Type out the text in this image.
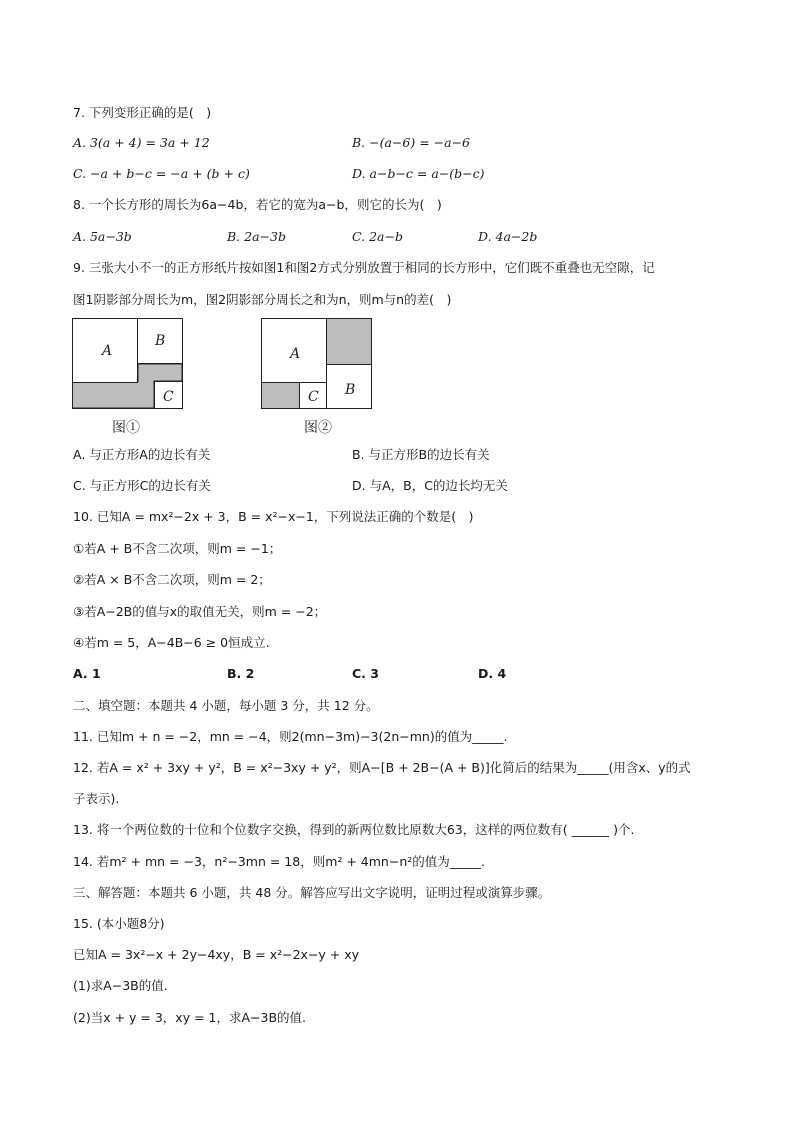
7. 下列变形正确的是(　)
A. 3(a + 4) = 3a + 12	B. −(a−6) = −a−6
C. −a + b−c = −a + (b + c)	D. a−b−c = a−(b−c)
8. 一个长方形的周长为6a−4b，若它的宽为a−b，则它的长为(　)
A. 5a−3b	B. 2a−3b	C. 2a−b	D. 4a−2b
9. 三张大小不一的正方形纸片按如图1和图2方式分别放置于相同的长方形中，它们既不重叠也无空隙，记
图1阴影部分周长为m，图2阴影部分周长之和为n，则m与n的差(　)
A
B
C
图①
A
C B
图②
A. 与正方形A的边长有关	B. 与正方形B的边长有关
C. 与正方形C的边长有关	D. 与A，B，C的边长均无关
10. 已知A = mx²−2x + 3，B = x²−x−1，下列说法正确的个数是(　)
①若A + B不含二次项，则m = −1；
②若A × B不含二次项，则m = 2；
③若A−2B的值与x的取值无关，则m = −2；
④若m = 5，A−4B−6 ≥ 0恒成立.
A. 1	B. 2	C. 3	D. 4
二、填空题：本题共 4 小题，每小题 3 分，共 12 分。
11. 已知m + n = −2，mn = −4，则2(mn−3m)−3(2n−mn)的值为_____.
12. 若A = x² + 3xy + y²，B = x²−3xy + y²，则A−[B + 2B−(A + B)]化简后的结果为_____(用含x、y的式
子表示).
13. 将一个两位数的十位和个位数字交换，得到的新两位数比原数大63，这样的两位数有( ______ )个.
14. 若m² + mn = −3，n²−3mn = 18，则m² + 4mn−n²的值为_____.
三、解答题：本题共 6 小题，共 48 分。解答应写出文字说明，证明过程或演算步骤。
15. (本小题8分)
已知A = 3x²−x + 2y−4xy，B = x²−2x−y + xy
(1)求A−3B的值.
(2)当x + y = 3，xy = 1，求A−3B的值.
